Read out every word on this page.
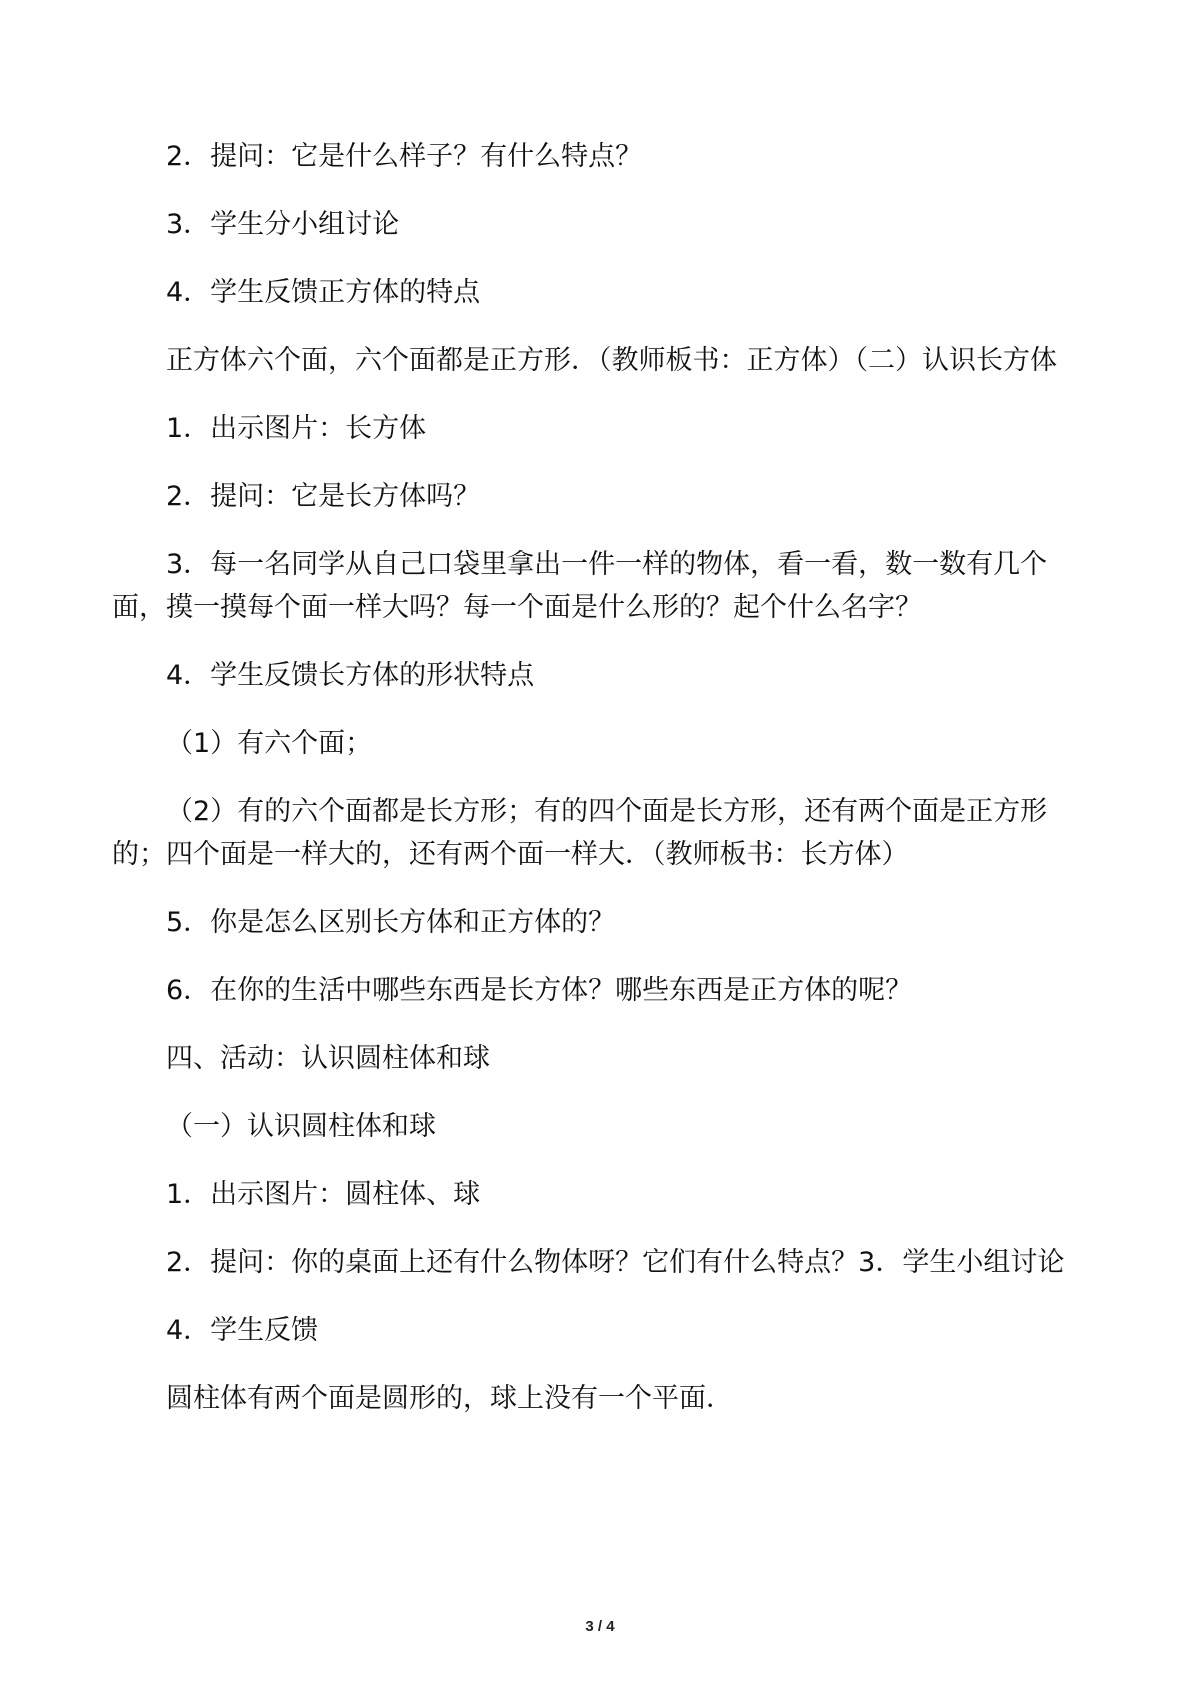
2．提问：它是什么样子？有什么特点？

3．学生分小组讨论

4．学生反馈正方体的特点

正方体六个面，六个面都是正方形．（教师板书：正方体）（二）认识长方体

1．出示图片：长方体

2．提问：它是长方体吗？

3．每一名同学从自己口袋里拿出一件一样的物体，看一看，数一数有几个面，摸一摸每个面一样大吗？每一个面是什么形的？起个什么名字？

4．学生反馈长方体的形状特点

（1）有六个面；

（2）有的六个面都是长方形；有的四个面是长方形，还有两个面是正方形的；四个面是一样大的，还有两个面一样大．（教师板书：长方体）

5．你是怎么区别长方体和正方体的？

6．在你的生活中哪些东西是长方体？哪些东西是正方体的呢？

四、活动：认识圆柱体和球

（一）认识圆柱体和球

1．出示图片：圆柱体、球

2．提问：你的桌面上还有什么物体呀？它们有什么特点？3．学生小组讨论

4．学生反馈

圆柱体有两个面是圆形的，球上没有一个平面．

3 / 4
